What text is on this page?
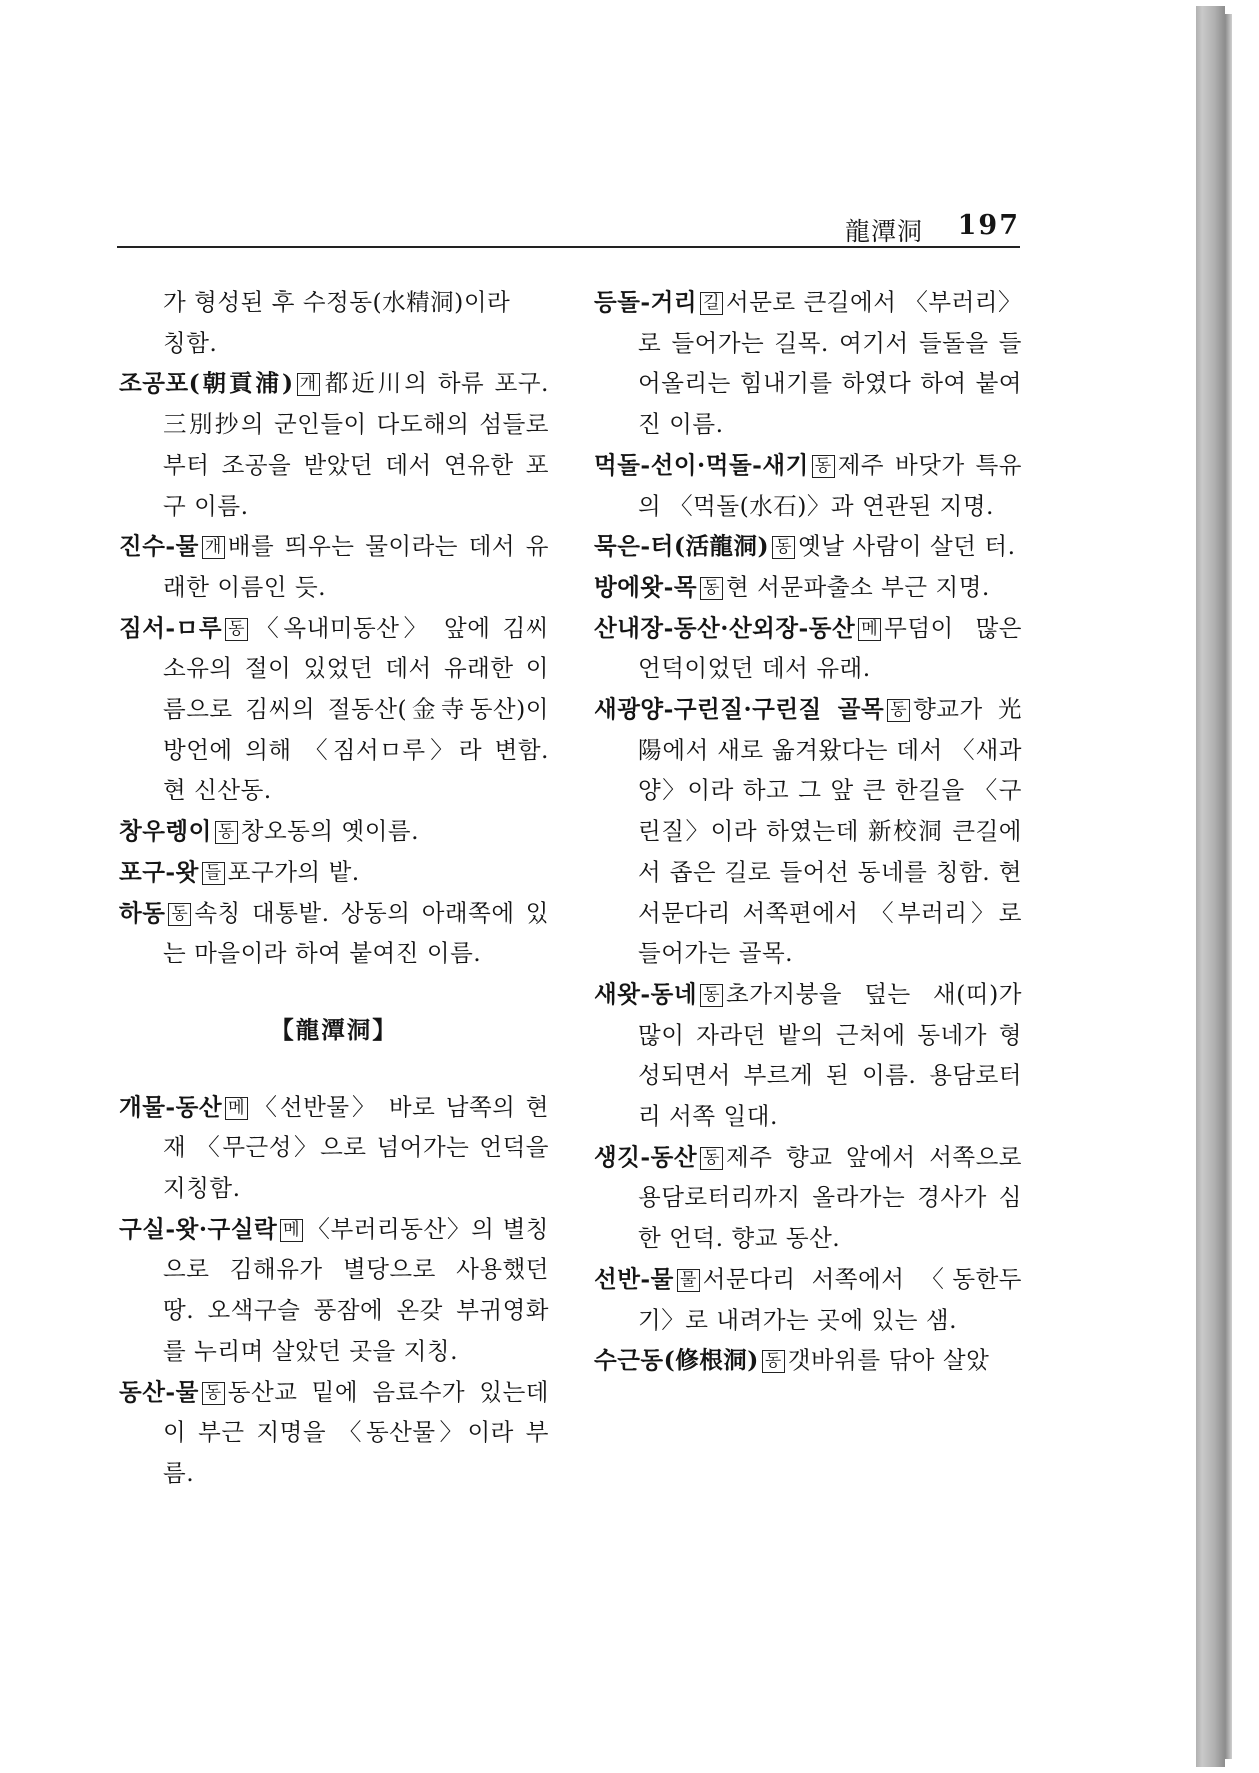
龍潭洞 197
가 형성된 후 수정동(水精洞)이라
칭함.
조공포(朝貢浦) 개 都近川의 하류 포구. 三別抄의 군인들이 다도해의 섬들로부터 조공을 받았던 데서 연유한 포구 이름.
진수-물 개 배를 띄우는 물이라는 데서 유래한 이름인 듯.
짐서-ㅁ루 동 〈옥내미동산〉 앞에 김씨 소유의 절이 있었던 데서 유래한 이름으로 김씨의 절동산(金寺동산)이 방언에 의해 〈짐서ㅁ루〉라 변함. 현 신산동.
창우렝이 동 창오동의 옛이름.
포구-왓 들 포구가의 밭.
하동 동 속칭 대통밭. 상동의 아래쪽에 있는 마을이라 하여 붙여진 이름.
【龍潭洞】
개물-동산 메 〈선반물〉 바로 남쪽의 현재 〈무근성〉으로 넘어가는 언덕을 지칭함.
구실-왓·구실락 메 〈부러리동산〉의 별칭으로 김해유가 별당으로 사용했던 땅. 오색구슬 풍잠에 온갖 부귀영화를 누리며 살았던 곳을 지칭.
동산-물 동 동산교 밑에 음료수가 있는데 이 부근 지명을 〈동산물〉이라 부름.
등돌-거리 길 서문로 큰길에서 〈부러리〉로 들어가는 길목. 여기서 들돌을 들어올리는 힘내기를 하였다 하여 붙여진 이름.
먹돌-선이·먹돌-새기 동 제주 바닷가 특유의 〈먹돌(水石)〉과 연관된 지명.
묵은-터(活龍洞) 동 옛날 사람이 살던 터.
방에왓-목 동 현 서문파출소 부근 지명.
산내장-동산·산외장-동산 메 무덤이 많은 언덕이었던 데서 유래.
새광양-구린질·구린질 골목 동 향교가 光陽에서 새로 옮겨왔다는 데서 〈새과양〉이라 하고 그 앞 큰 한길을 〈구린질〉이라 하였는데 新校洞 큰길에서 좁은 길로 들어선 동네를 칭함. 현 서문다리 서쪽편에서 〈부러리〉로 들어가는 골목.
새왓-동네 동 초가지붕을 덮는 새(띠)가 많이 자라던 밭의 근처에 동네가 형성되면서 부르게 된 이름. 용담로터리 서쪽 일대.
생깃-동산 동 제주 향교 앞에서 서쪽으로 용담로터리까지 올라가는 경사가 심한 언덕. 향교 동산.
선반-물 물 서문다리 서쪽에서 〈동한두기〉로 내려가는 곳에 있는 샘.
수근동(修根洞) 동 갯바위를 닦아 살았
